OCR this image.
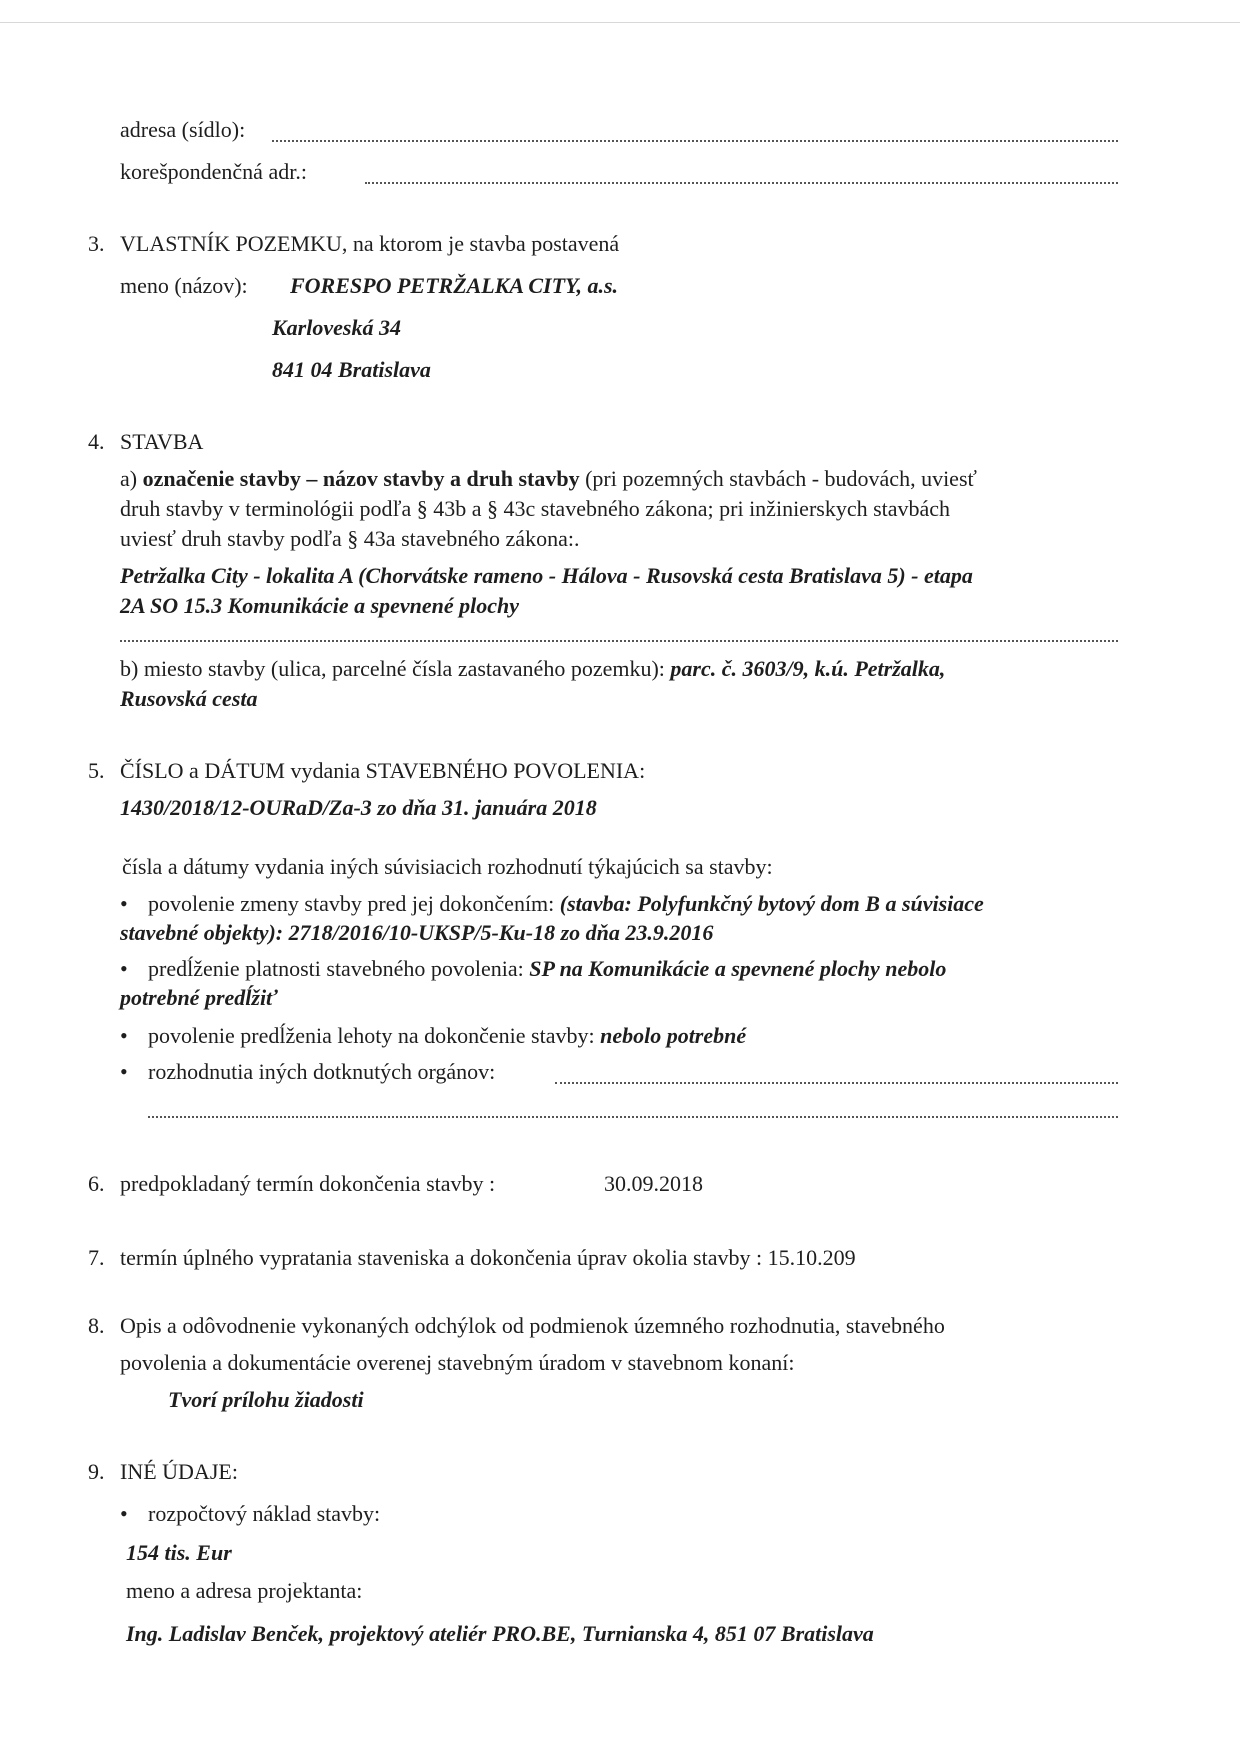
adresa (sídlo):
korešpondenčná adr.:
3. VLASTNÍK POZEMKU, na ktorom je stavba postavená
meno (názov): FORESPO PETRŽALKA CITY, a.s.
Karloveská 34
841 04 Bratislava
4. STAVBA
a) označenie stavby – názov stavby a druh stavby (pri pozemných stavbách - budovách, uviesť
druh stavby v terminológii podľa § 43b a § 43c stavebného zákona; pri inžinierskych stavbách
uviesť druh stavby podľa § 43a stavebného zákona:.
Petržalka City - lokalita A (Chorvátske rameno - Hálova - Rusovská cesta Bratislava 5) - etapa
2A SO 15.3 Komunikácie a spevnené plochy
b) miesto stavby (ulica, parcelné čísla zastavaného pozemku): parc. č. 3603/9, k.ú. Petržalka,
Rusovská cesta
5. ČÍSLO a DÁTUM vydania STAVEBNÉHO POVOLENIA:
1430/2018/12-OURaD/Za-3 zo dňa 31. januára 2018
čísla a dátumy vydania iných súvisiacich rozhodnutí týkajúcich sa stavby:
• povolenie zmeny stavby pred jej dokončením: (stavba: Polyfunkčný bytový dom B a súvisiace
stavebné objekty): 2718/2016/10-UKSP/5-Ku-18 zo dňa 23.9.2016
• predĺženie platnosti stavebného povolenia: SP na Komunikácie a spevnené plochy nebolo
potrebné predĺžiť
• povolenie predĺženia lehoty na dokončenie stavby: nebolo potrebné
• rozhodnutia iných dotknutých orgánov:
6. predpokladaný termín dokončenia stavby :	30.09.2018
7. termín úplného vypratania staveniska a dokončenia úprav okolia stavby : 15.10.209
8. Opis a odôvodnenie vykonaných odchýlok od podmienok územného rozhodnutia, stavebného
povolenia a dokumentácie overenej stavebným úradom v stavebnom konaní:
Tvorí prílohu žiadosti
9. INÉ ÚDAJE:
• rozpočtový náklad stavby:
154 tis. Eur
meno a adresa projektanta:
Ing. Ladislav Benček, projektový ateliér PRO.BE, Turnianska 4, 851 07 Bratislava
